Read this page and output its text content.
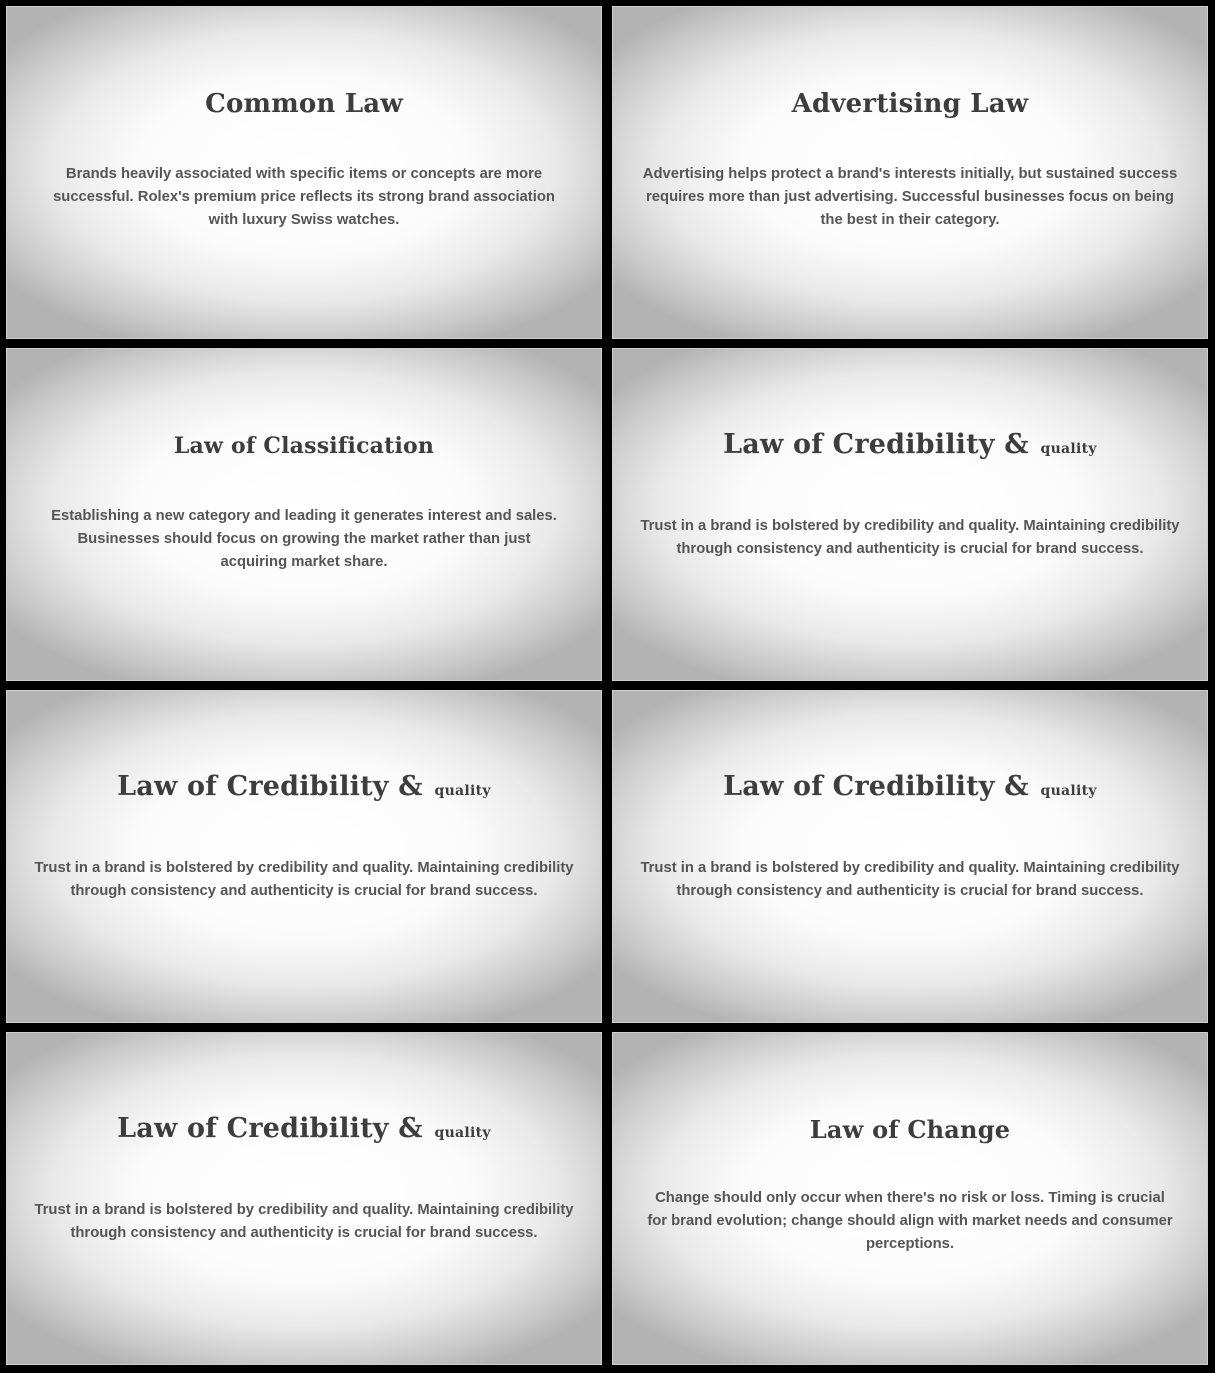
Common Law
Brands heavily associated with specific items or concepts are more successful. Rolex's premium price reflects its strong brand association with luxury Swiss watches.
Advertising Law
Advertising helps protect a brand's interests initially, but sustained success requires more than just advertising. Successful businesses focus on being the best in their category.
Law of Classification
Establishing a new category and leading it generates interest and sales. Businesses should focus on growing the market rather than just acquiring market share.
Law of Credibility & quality
Trust in a brand is bolstered by credibility and quality. Maintaining credibility through consistency and authenticity is crucial for brand success.
Law of Credibility & quality
Trust in a brand is bolstered by credibility and quality. Maintaining credibility through consistency and authenticity is crucial for brand success.
Law of Credibility & quality
Trust in a brand is bolstered by credibility and quality. Maintaining credibility through consistency and authenticity is crucial for brand success.
Law of Credibility & quality
Trust in a brand is bolstered by credibility and quality. Maintaining credibility through consistency and authenticity is crucial for brand success.
Law of Change
Change should only occur when there's no risk or loss. Timing is crucial for brand evolution; change should align with market needs and consumer perceptions.
